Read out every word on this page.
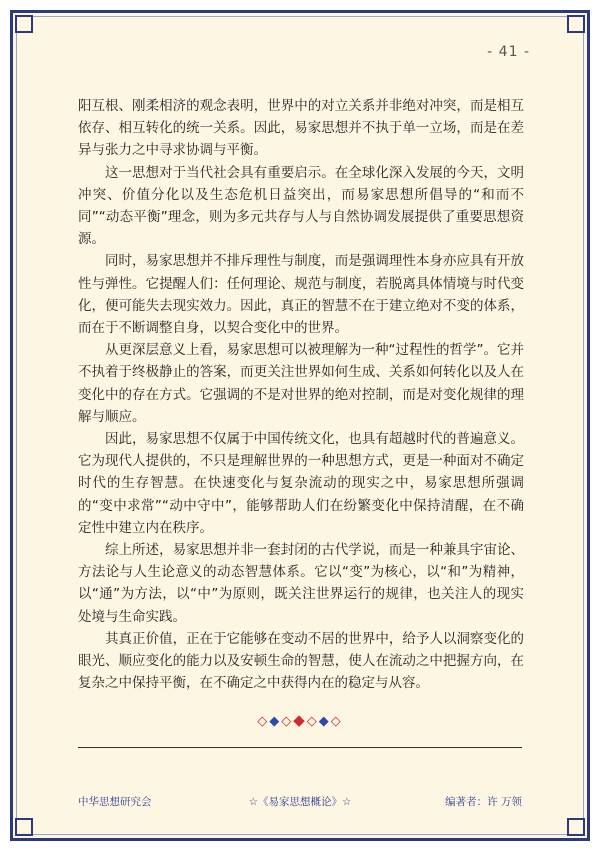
- 41 -

阳互根、刚柔相济的观念表明，世界中的对立关系并非绝对冲突，而是相互依存、相互转化的统一关系。因此，易家思想并不执于单一立场，而是在差异与张力之中寻求协调与平衡。

这一思想对于当代社会具有重要启示。在全球化深入发展的今天，文明冲突、价值分化以及生态危机日益突出，而易家思想所倡导的“和而不同”“动态平衡”理念，则为多元共存与人与自然协调发展提供了重要思想资源。

同时，易家思想并不排斥理性与制度，而是强调理性本身亦应具有开放性与弹性。它提醒人们：任何理论、规范与制度，若脱离具体情境与时代变化，便可能失去现实效力。因此，真正的智慧不在于建立绝对不变的体系，而在于不断调整自身，以契合变化中的世界。

从更深层意义上看，易家思想可以被理解为一种“过程性的哲学”。它并不执着于终极静止的答案，而更关注世界如何生成、关系如何转化以及人在变化中的存在方式。它强调的不是对世界的绝对控制，而是对变化规律的理解与顺应。

因此，易家思想不仅属于中国传统文化，也具有超越时代的普遍意义。它为现代人提供的，不只是理解世界的一种思想方式，更是一种面对不确定时代的生存智慧。在快速变化与复杂流动的现实之中，易家思想所强调的“变中求常”“动中守中”，能够帮助人们在纷繁变化中保持清醒，在不确定性中建立内在秩序。

综上所述，易家思想并非一套封闭的古代学说，而是一种兼具宇宙论、方法论与人生论意义的动态智慧体系。它以“变”为核心，以“和”为精神，以“通”为方法，以“中”为原则，既关注世界运行的规律，也关注人的现实处境与生命实践。

其真正价值，正在于它能够在变动不居的世界中，给予人以洞察变化的眼光、顺应变化的能力以及安顿生命的智慧，使人在流动之中把握方向，在复杂之中保持平衡，在不确定之中获得内在的稳定与从容。

◇◆◇◆◇◆◇
中华思想研究会	☆《易家思想概论》☆	编著者：许 万领
